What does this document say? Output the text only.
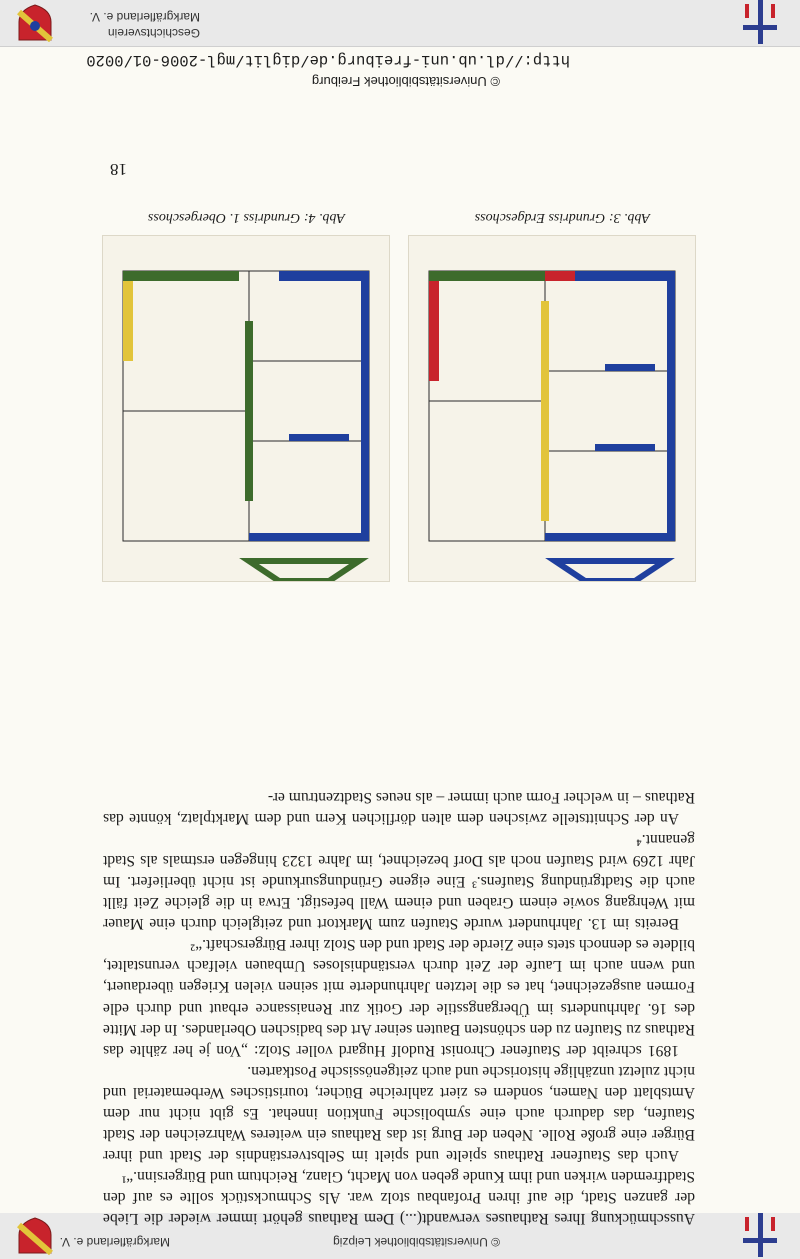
© Universitätsbibliothek Leipzig
Markgräflerland e. V.

Ausschmückung Ihres Rathauses verwandt(...) Dem Rathaus gehört immer wieder die Liebe der ganzen Stadt, die auf ihren Profanbau stolz war. Als Schmuckstück sollte es auf den Stadtfremden wirken und ihm Kunde geben von Macht, Glanz, Reichtum und Bürgersinn.“¹

Auch das Staufener Rathaus spielte und spielt im Selbstverständnis der Stadt und ihrer Bürger eine große Rolle. Neben der Burg ist das Rathaus ein weiteres Wahrzeichen der Stadt Staufen, das dadurch auch eine symbolische Funktion innehat. Es gibt nicht nur dem Amtsblatt den Namen, sondern es ziert zahlreiche Bücher, touristisches Werbematerial und nicht zuletzt unzählige historische und auch zeitgenössische Postkarten.

1891 schreibt der Staufener Chronist Rudolf Hugard voller Stolz: „Von je her zählte das Rathaus zu Staufen zu den schönsten Bauten seiner Art des badischen Oberlandes. In der Mitte des 16. Jahrhunderts im Übergangsstile der Gotik zur Renaissance erbaut und durch edle Formen ausgezeichnet, hat es die letzten Jahrhunderte mit seinen vielen Kriegen überdauert, und wenn auch im Laufe der Zeit durch verständnisloses Umbauen vielfach verunstaltet, bildete es dennoch stets eine Zierde der Stadt und den Stolz ihrer Bürgerschaft.“²

Bereits im 13. Jahrhundert wurde Staufen zum Marktort und zeitgleich durch eine Mauer mit Wehrgang sowie einem Graben und einem Wall befestigt. Etwa in die gleiche Zeit fällt auch die Stadtgründung Staufens.³ Eine eigene Gründungsurkunde ist nicht überliefert. Im Jahr 1269 wird Staufen noch als Dorf bezeichnet, im Jahre 1323 hingegen erstmals als Stadt genannt.⁴

An der Schnittstelle zwischen dem alten dörflichen Kern und dem Marktplatz, könnte das Rathaus – in welcher Form auch immer – als neues Stadtzentrum er-

Abb. 3: Grundriss Erdgeschoss
Abb. 4: Grundriss 1. Obergeschoss
18
© Universitätsbibliothek Freiburg
http://dl.ub.uni-freiburg.de/diglit/mgl-2006-01/0020
Geschichtsverein
Markgräflerland e. V.
